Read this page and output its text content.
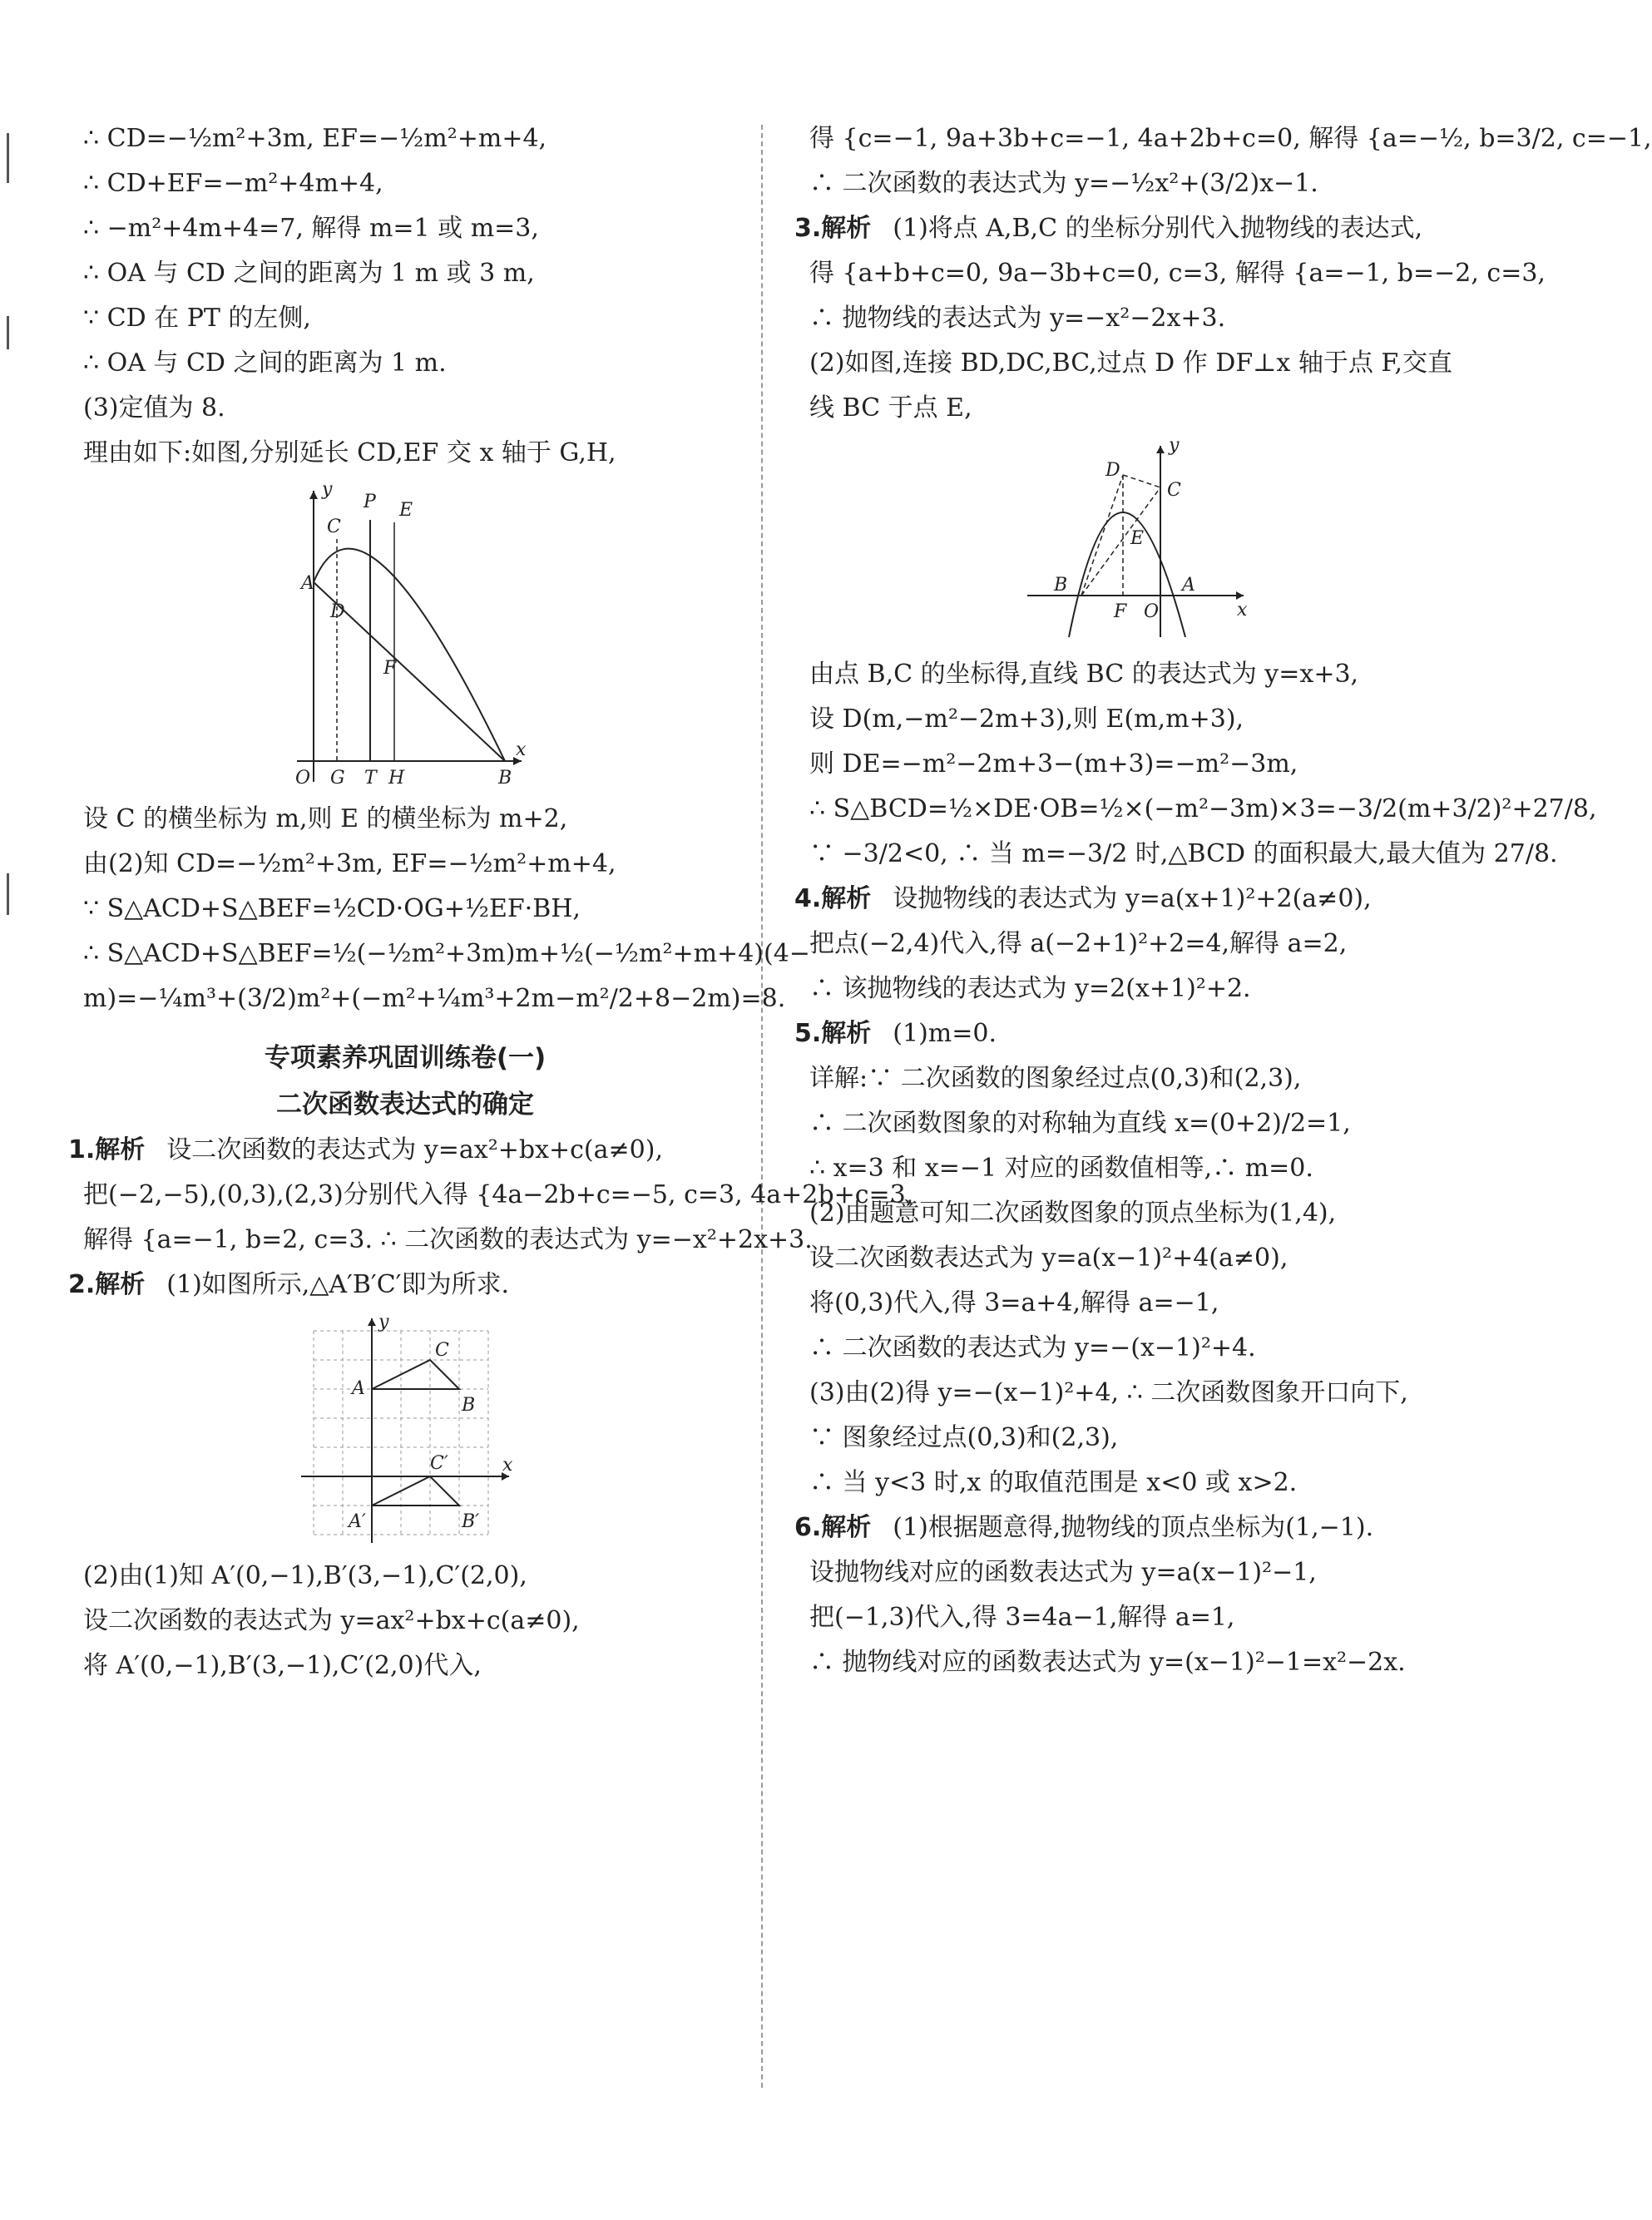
∴ CD=−½m²+3m, EF=−½m²+m+4,
∴ CD+EF=−m²+4m+4,
∴ −m²+4m+4=7, 解得 m=1 或 m=3,
∴ OA 与 CD 之间的距离为 1 m 或 3 m,
∵ CD 在 PT 的左侧,
∴ OA 与 CD 之间的距离为 1 m.
(3)定值为 8.
理由如下:如图,分别延长 CD,EF 交 x 轴于 G,H,
A
C
D
P E
F
y
x
O G T H	B
设 C 的横坐标为 m,则 E 的横坐标为 m+2,
由(2)知 CD=−½m²+3m, EF=−½m²+m+4,
∵ S△ACD+S△BEF=½CD·OG+½EF·BH,
∴ S△ACD+S△BEF=½(−½m²+3m)m+½(−½m²+m+4)(4−
m)=−¼m³+(3/2)m²+(−m²+¼m³+2m−m²/2+8−2m)=8.
专项素养巩固训练卷(一)
二次函数表达式的确定
1.解析 设二次函数的表达式为 y=ax²+bx+c(a≠0),
把(−2,−5),(0,3),(2,3)分别代入得 {4a−2b+c=−5, c=3, 4a+2b+c=3,
解得 {a=−1, b=2, c=3. ∴ 二次函数的表达式为 y=−x²+2x+3.
2.解析 (1)如图所示,△A′B′C′即为所求.
y
x
A
C
B
C′
A′	B′
(2)由(1)知 A′(0,−1),B′(3,−1),C′(2,0),
设二次函数的表达式为 y=ax²+bx+c(a≠0),
将 A′(0,−1),B′(3,−1),C′(2,0)代入,
得 {c=−1, 9a+3b+c=−1, 4a+2b+c=0, 解得 {a=−½, b=3/2, c=−1,
∴ 二次函数的表达式为 y=−½x²+(3/2)x−1.
3.解析 (1)将点 A,B,C 的坐标分别代入抛物线的表达式,
得 {a+b+c=0, 9a−3b+c=0, c=3, 解得 {a=−1, b=−2, c=3,
∴ 抛物线的表达式为 y=−x²−2x+3.
(2)如图,连接 BD,DC,BC,过点 D 作 DF⊥x 轴于点 F,交直
线 BC 于点 E,
y
x
D
C
E
B	A
F O
由点 B,C 的坐标得,直线 BC 的表达式为 y=x+3,
设 D(m,−m²−2m+3),则 E(m,m+3),
则 DE=−m²−2m+3−(m+3)=−m²−3m,
∴ S△BCD=½×DE·OB=½×(−m²−3m)×3=−3/2(m+3/2)²+27/8,
∵ −3/2<0, ∴ 当 m=−3/2 时,△BCD 的面积最大,最大值为 27/8.
4.解析 设抛物线的表达式为 y=a(x+1)²+2(a≠0),
把点(−2,4)代入,得 a(−2+1)²+2=4,解得 a=2,
∴ 该抛物线的表达式为 y=2(x+1)²+2.
5.解析 (1)m=0.
详解:∵ 二次函数的图象经过点(0,3)和(2,3),
∴ 二次函数图象的对称轴为直线 x=(0+2)/2=1,
∴ x=3 和 x=−1 对应的函数值相等,∴ m=0.
(2)由题意可知二次函数图象的顶点坐标为(1,4),
设二次函数表达式为 y=a(x−1)²+4(a≠0),
将(0,3)代入,得 3=a+4,解得 a=−1,
∴ 二次函数的表达式为 y=−(x−1)²+4.
(3)由(2)得 y=−(x−1)²+4, ∴ 二次函数图象开口向下,
∵ 图象经过点(0,3)和(2,3),
∴ 当 y<3 时,x 的取值范围是 x<0 或 x>2.
6.解析 (1)根据题意得,抛物线的顶点坐标为(1,−1).
设抛物线对应的函数表达式为 y=a(x−1)²−1,
把(−1,3)代入,得 3=4a−1,解得 a=1,
∴ 抛物线对应的函数表达式为 y=(x−1)²−1=x²−2x.
